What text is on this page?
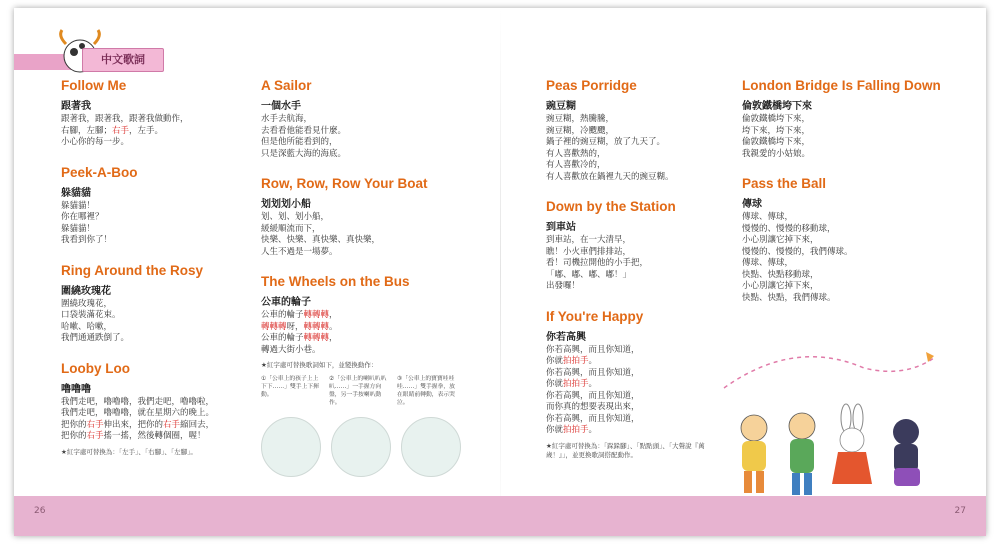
中文歌詞
Follow Me
跟著我
跟著我，跟著我，跟著我做動作，
右腳，左腳；右手，左手。
小心你的每一步。
Peek-A-Boo
躲貓貓
躲貓貓！
你在哪裡？
躲貓貓！
我看到你了！
Ring Around the Rosy
圍繞玫瑰花
圍繞玫瑰花，
口袋裝滿花束。
哈嗽、哈嗽，
我們通通跌倒了。
Looby Loo
嚕嚕嚕
我們走吧，嚕嚕嚕，我們走吧，嚕嚕啦，
我們走吧，嚕嚕嚕，就在星期六的晚上。
把你的右手伸出來，把你的右手縮回去，
把你的右手搖一搖，然後轉個圈，喔！
★紅字處可替換為：「左手」、「右腳」、「左腳」。
A Sailor
一個水手
水手去航海，
去看看他能看見什麼。
但是他所能看到的，
只是深藍大海的海底。
Row, Row, Row Your Boat
划划划小船
划、划、划小船，
緩緩順流而下，
快樂、快樂、真快樂、真快樂，
人生不過是一場夢。
The Wheels on the Bus
公車的輪子
公車的輪子轉轉轉，
轉轉轉呀，轉轉轉。
公車的輪子轉轉轉，
轉過大街小巷。
★紅字處可替換歌詞如下，並變換動作：
①「公車上的孩子上上下下……」雙手上下揮動。
②「公車上的喇叭叭叭叭……」一手握方向盤，另一手按喇叭動作。
③「公車上的寶寶哇哇哇……」雙手握拳，放在眼睛前轉動，表示哭泣。
Peas Porridge
豌豆糊
豌豆糊，熱騰騰，
豌豆糊，冷颼颼，
鍋子裡的豌豆糊，放了九天了。
有人喜歡熱的，
有人喜歡冷的，
有人喜歡放在鍋裡九天的豌豆糊。
Down by the Station
到車站
到車站，在一大清早，
瞧！小火車們排排站，
看！司機拉開他的小手把，
「嘟、嘟、嘟、嘟！」
出發囉！
If You're Happy
你若高興
你若高興，而且你知道，
你就拍拍手。
你若高興，而且你知道，
你就拍拍手。
你若高興，而且你知道，
而你真的想要表現出來，
你若高興，而且你知道，
你就拍拍手。
★紅字處可替換為：「跺跺腳」、「點點頭」、「大聲說『萬歲！』」，並更換歌詞搭配動作。
London Bridge Is Falling Down
倫敦鐵橋垮下來
倫敦鐵橋垮下來，
垮下來，垮下來，
倫敦鐵橋垮下來，
我親愛的小姑娘。
Pass the Ball
傳球
傳球、傳球，
慢慢的、慢慢的移動球，
小心別讓它掉下來，
慢慢的、慢慢的，我們傳球。
傳球、傳球，
快點、快點移動球，
小心別讓它掉下來，
快點、快點，我們傳球。
26	27
